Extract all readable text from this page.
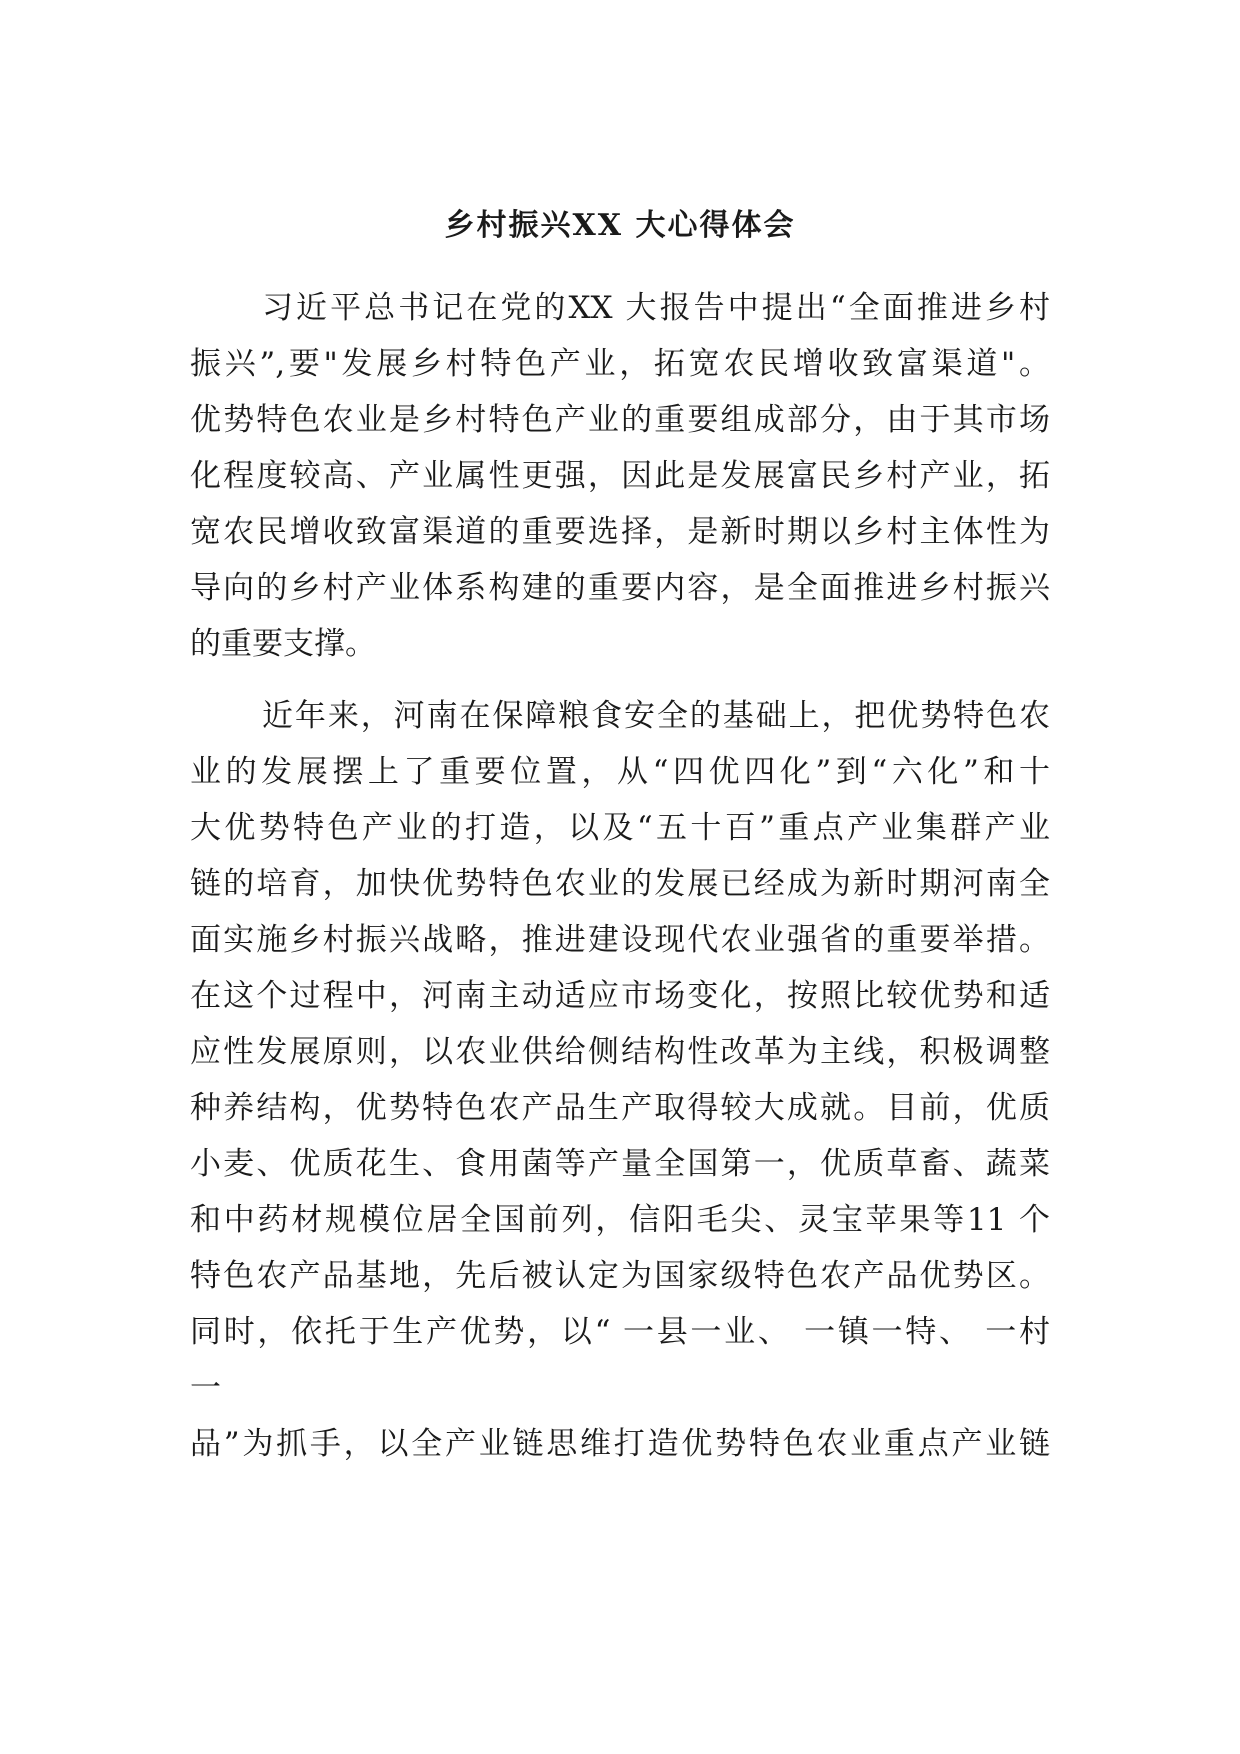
乡村振兴XX 大心得体会
习近平总书记在党的XX 大报告中提出“全面推进乡村
振兴”,要"发展乡村特色产业，拓宽农民增收致富渠道"。
优势特色农业是乡村特色产业的重要组成部分，由于其市场
化程度较高、产业属性更强，因此是发展富民乡村产业，拓
宽农民增收致富渠道的重要选择，是新时期以乡村主体性为
导向的乡村产业体系构建的重要内容，是全面推进乡村振兴
的重要支撑。
近年来，河南在保障粮食安全的基础上，把优势特色农
业的发展摆上了重要位置，从“四优四化”到“六化”和十
大优势特色产业的打造，以及“五十百”重点产业集群产业
链的培育，加快优势特色农业的发展已经成为新时期河南全
面实施乡村振兴战略，推进建设现代农业强省的重要举措。
在这个过程中，河南主动适应市场变化，按照比较优势和适
应性发展原则，以农业供给侧结构性改革为主线，积极调整
种养结构，优势特色农产品生产取得较大成就。目前，优质
小麦、优质花生、食用菌等产量全国第一，优质草畜、蔬菜
和中药材规模位居全国前列，信阳毛尖、灵宝苹果等11 个
特色农产品基地，先后被认定为国家级特色农产品优势区。
同时，依托于生产优势，以“ 一县一业、 一镇一特、 一村
一
品”为抓手，以全产业链思维打造优势特色农业重点产业链
